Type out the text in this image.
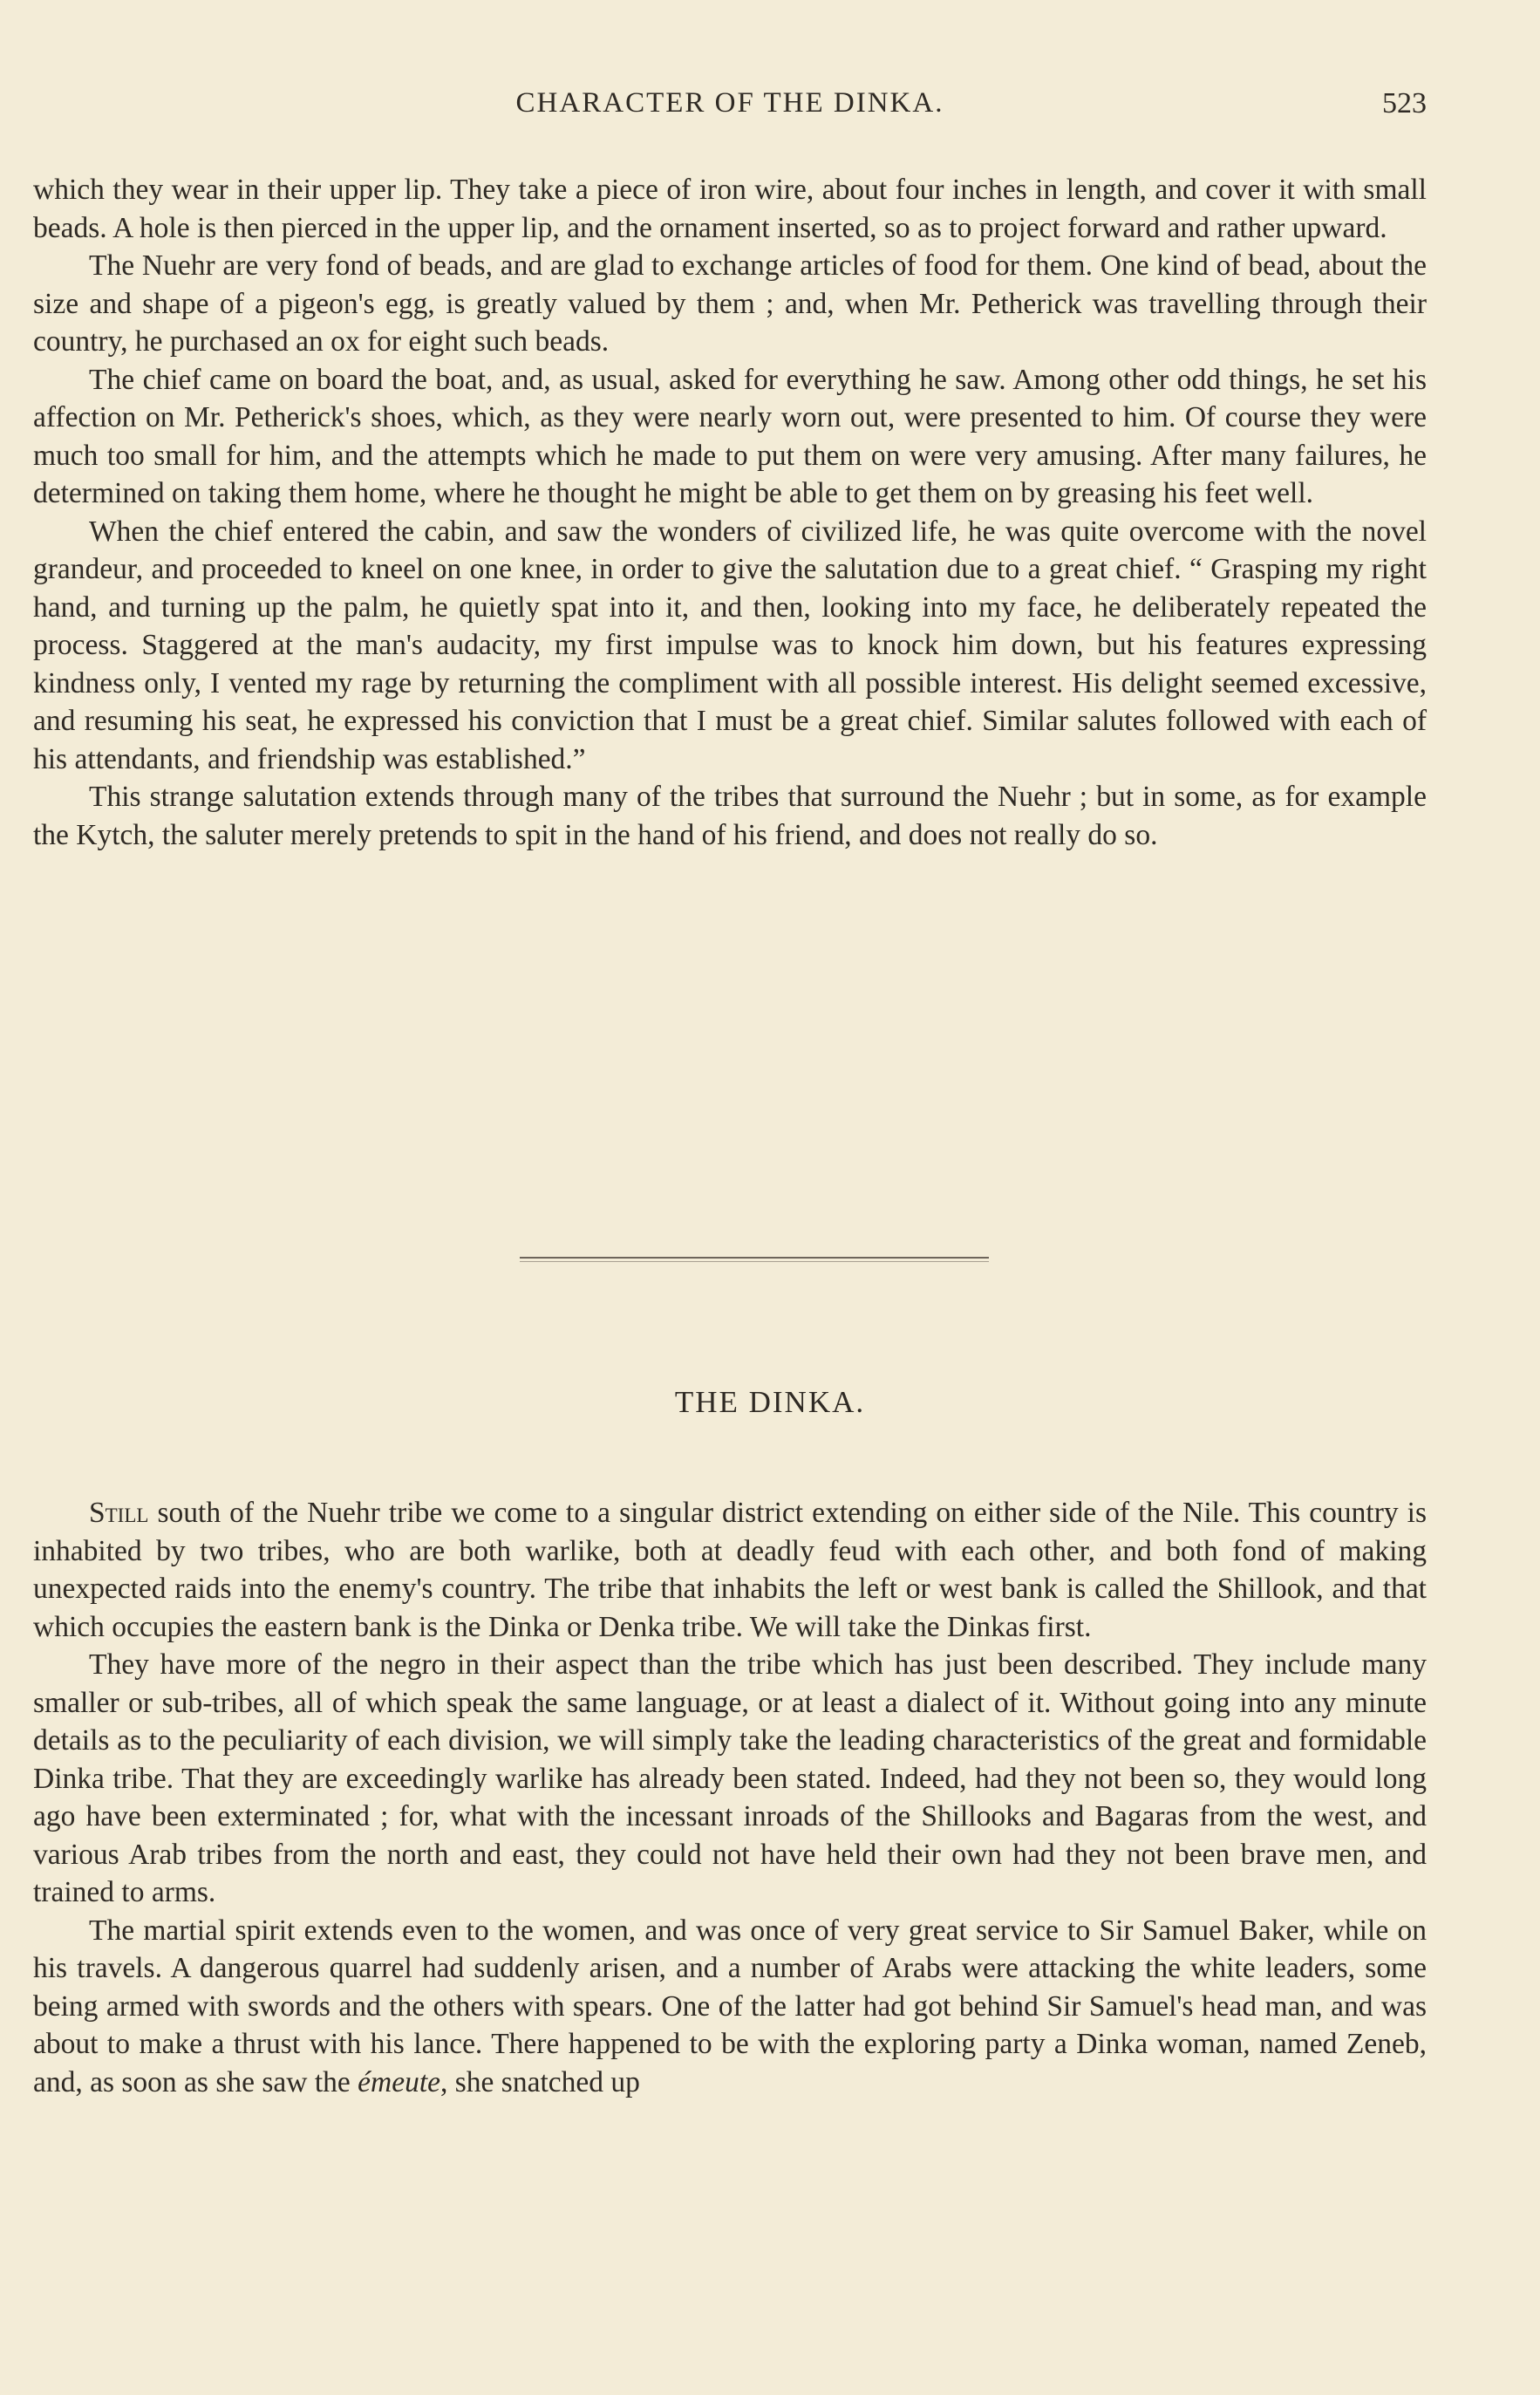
CHARACTER OF THE DINKA.	523

which they wear in their upper lip. They take a piece of iron wire, about four inches in length, and cover it with small beads. A hole is then pierced in the upper lip, and the ornament inserted, so as to project forward and rather upward.

The Nuehr are very fond of beads, and are glad to exchange articles of food for them. One kind of bead, about the size and shape of a pigeon's egg, is greatly valued by them ; and, when Mr. Petherick was travelling through their country, he purchased an ox for eight such beads.

The chief came on board the boat, and, as usual, asked for everything he saw. Among other odd things, he set his affection on Mr. Petherick's shoes, which, as they were nearly worn out, were presented to him. Of course they were much too small for him, and the attempts which he made to put them on were very amusing. After many failures, he determined on taking them home, where he thought he might be able to get them on by greasing his feet well.

When the chief entered the cabin, and saw the wonders of civilized life, he was quite overcome with the novel grandeur, and proceeded to kneel on one knee, in order to give the salutation due to a great chief. “ Grasping my right hand, and turning up the palm, he quietly spat into it, and then, looking into my face, he deliberately repeated the process. Staggered at the man's audacity, my first impulse was to knock him down, but his features expressing kindness only, I vented my rage by returning the compliment with all possible interest. His delight seemed excessive, and resuming his seat, he expressed his conviction that I must be a great chief. Similar salutes followed with each of his attendants, and friendship was established.”

This strange salutation extends through many of the tribes that surround the Nuehr ; but in some, as for example the Kytch, the saluter merely pretends to spit in the hand of his friend, and does not really do so.

THE DINKA.

Still south of the Nuehr tribe we come to a singular district extending on either side of the Nile. This country is inhabited by two tribes, who are both warlike, both at deadly feud with each other, and both fond of making unexpected raids into the enemy's country. The tribe that inhabits the left or west bank is called the Shillook, and that which occupies the eastern bank is the Dinka or Denka tribe. We will take the Dinkas first.

They have more of the negro in their aspect than the tribe which has just been described. They include many smaller or sub-tribes, all of which speak the same language, or at least a dialect of it. Without going into any minute details as to the peculiarity of each division, we will simply take the leading characteristics of the great and formidable Dinka tribe. That they are exceedingly warlike has already been stated. Indeed, had they not been so, they would long ago have been exterminated ; for, what with the incessant inroads of the Shillooks and Bagaras from the west, and various Arab tribes from the north and east, they could not have held their own had they not been brave men, and trained to arms.

The martial spirit extends even to the women, and was once of very great service to Sir Samuel Baker, while on his travels. A dangerous quarrel had suddenly arisen, and a number of Arabs were attacking the white leaders, some being armed with swords and the others with spears. One of the latter had got behind Sir Samuel's head man, and was about to make a thrust with his lance. There happened to be with the exploring party a Dinka woman, named Zeneb, and, as soon as she saw the émeute, she snatched up
